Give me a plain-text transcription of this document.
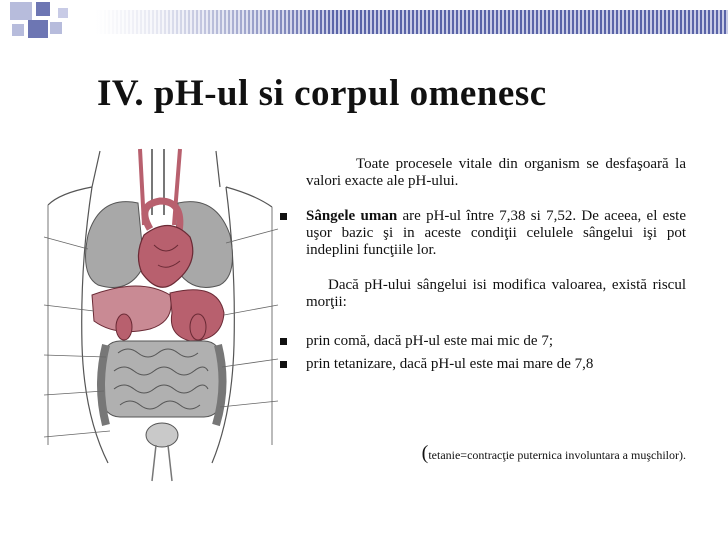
IV. pH-ul si corpul omenesc
Toate procesele vitale din organism se desfaşoară la valori exacte ale pH-ului.
Sângele uman are pH-ul între 7,38 si 7,52. De aceea, el este uşor bazic şi in aceste condiţii celulele sângelui işi pot indeplini funcţiile lor.
Dacă pH-ului sângelui isi modifica valoarea, există riscul morţii:
prin comă, dacă pH-ul este mai mic de 7;
prin tetanizare, dacă pH-ul este mai mare de 7,8
(tetanie=contracţie puternica involuntara a muşchilor).
